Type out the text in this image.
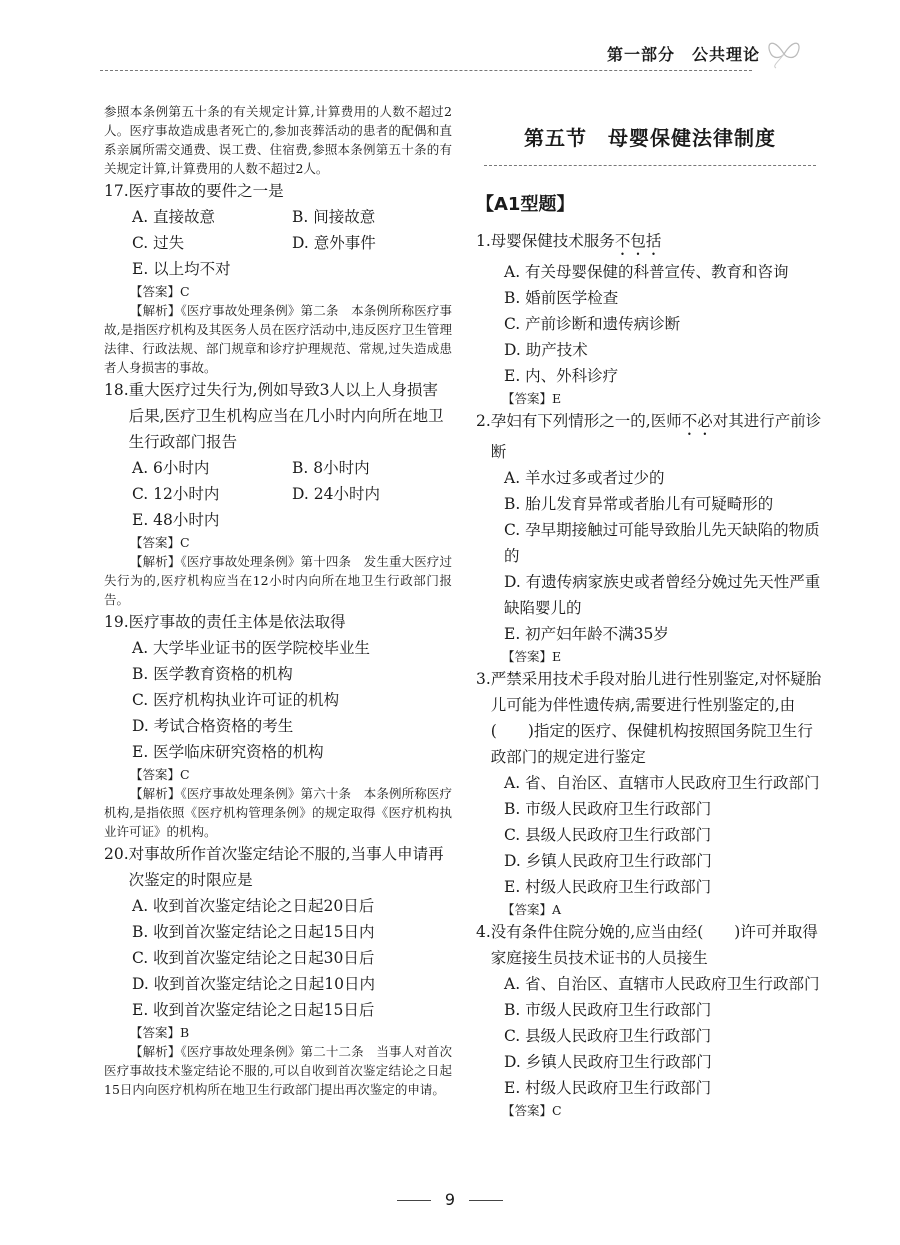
第一部分　公共理论
参照本条例第五十条的有关规定计算,计算费用的人数不超过2人。医疗事故造成患者死亡的,参加丧葬活动的患者的配偶和直系亲属所需交通费、误工费、住宿费,参照本条例第五十条的有关规定计算,计算费用的人数不超过2人。
17. 医疗事故的要件之一是
A. 直接故意	B. 间接故意
C. 过失	D. 意外事件
E. 以上均不对
【答案】C
【解析】《医疗事故处理条例》第二条　本条例所称医疗事故,是指医疗机构及其医务人员在医疗活动中,违反医疗卫生管理法律、行政法规、部门规章和诊疗护理规范、常规,过失造成患者人身损害的事故。
18. 重大医疗过失行为,例如导致3人以上人身损害后果,医疗卫生机构应当在几小时内向所在地卫生行政部门报告
A. 6小时内	B. 8小时内
C. 12小时内	D. 24小时内
E. 48小时内
【答案】C
【解析】《医疗事故处理条例》第十四条　发生重大医疗过失行为的,医疗机构应当在12小时内向所在地卫生行政部门报告。
19. 医疗事故的责任主体是依法取得
A. 大学毕业证书的医学院校毕业生
B. 医学教育资格的机构
C. 医疗机构执业许可证的机构
D. 考试合格资格的考生
E. 医学临床研究资格的机构
【答案】C
【解析】《医疗事故处理条例》第六十条　本条例所称医疗机构,是指依照《医疗机构管理条例》的规定取得《医疗机构执业许可证》的机构。
20. 对事故所作首次鉴定结论不服的,当事人申请再次鉴定的时限应是
A. 收到首次鉴定结论之日起20日后
B. 收到首次鉴定结论之日起15日内
C. 收到首次鉴定结论之日起30日后
D. 收到首次鉴定结论之日起10日内
E. 收到首次鉴定结论之日起15日后
【答案】B
【解析】《医疗事故处理条例》第二十二条　当事人对首次医疗事故技术鉴定结论不服的,可以自收到首次鉴定结论之日起15日内向医疗机构所在地卫生行政部门提出再次鉴定的申请。
第五节　母婴保健法律制度
【A1型题】
1. 母婴保健技术服务不包括
A. 有关母婴保健的科普宣传、教育和咨询
B. 婚前医学检查
C. 产前诊断和遗传病诊断
D. 助产技术
E. 内、外科诊疗
【答案】E
2. 孕妇有下列情形之一的,医师不必对其进行产前诊断
A. 羊水过多或者过少的
B. 胎儿发育异常或者胎儿有可疑畸形的
C. 孕早期接触过可能导致胎儿先天缺陷的物质的
D. 有遗传病家族史或者曾经分娩过先天性严重缺陷婴儿的
E. 初产妇年龄不满35岁
【答案】E
3. 严禁采用技术手段对胎儿进行性别鉴定,对怀疑胎儿可能为伴性遗传病,需要进行性别鉴定的,由(　　)指定的医疗、保健机构按照国务院卫生行政部门的规定进行鉴定
A. 省、自治区、直辖市人民政府卫生行政部门
B. 市级人民政府卫生行政部门
C. 县级人民政府卫生行政部门
D. 乡镇人民政府卫生行政部门
E. 村级人民政府卫生行政部门
【答案】A
4. 没有条件住院分娩的,应当由经(　　)许可并取得家庭接生员技术证书的人员接生
A. 省、自治区、直辖市人民政府卫生行政部门
B. 市级人民政府卫生行政部门
C. 县级人民政府卫生行政部门
D. 乡镇人民政府卫生行政部门
E. 村级人民政府卫生行政部门
【答案】C
9
